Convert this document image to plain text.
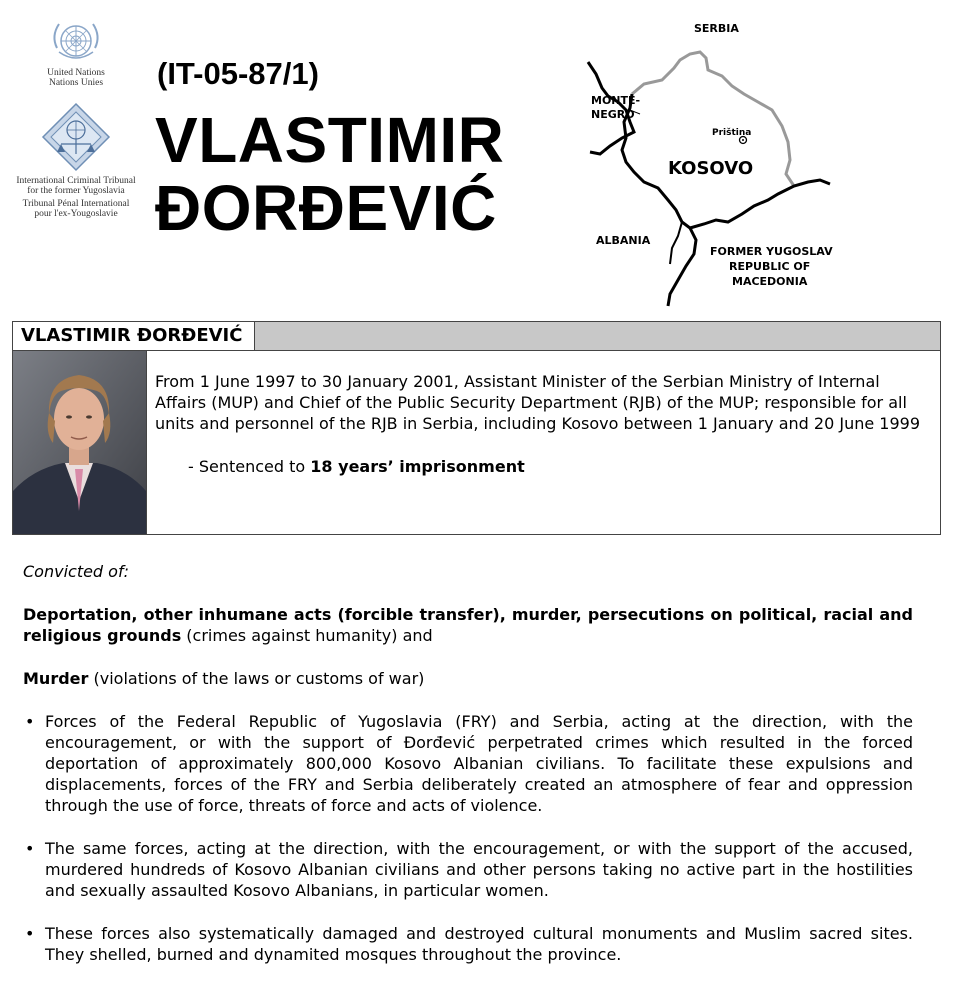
United Nations
Nations Unies
International Criminal Tribunal
for the former Yugoslavia
Tribunal Pénal International
pour l'ex-Yougoslavie
(IT-05-87/1)
VLASTIMIR
ĐORĐEVIĆ
SERBIA
MONTE-
NEGRO
Priština
KOSOVO
ALBANIA
FORMER YUGOSLAV
REPUBLIC OF
MACEDONIA
VLASTIMIR ĐORĐEVIĆ
From 1 June 1997 to 30 January 2001, Assistant Minister of the Serbian Ministry of Internal Affairs (MUP) and Chief of the Public Security Department (RJB) of the MUP; responsible for all units and personnel of the RJB in Serbia, including Kosovo between 1 January and 20 June 1999
- Sentenced to 18 years’ imprisonment

Convicted of:

Deportation, other inhumane acts (forcible transfer), murder, persecutions on political, racial and religious grounds (crimes against humanity) and

Murder (violations of the laws or customs of war)

• Forces of the Federal Republic of Yugoslavia (FRY) and Serbia, acting at the direction, with the encouragement, or with the support of Đorđević perpetrated crimes which resulted in the forced deportation of approximately 800,000 Kosovo Albanian civilians. To facilitate these expulsions and displacements, forces of the FRY and Serbia deliberately created an atmosphere of fear and oppression through the use of force, threats of force and acts of violence.
• The same forces, acting at the direction, with the encouragement, or with the support of the accused, murdered hundreds of Kosovo Albanian civilians and other persons taking no active part in the hostilities and sexually assaulted Kosovo Albanians, in particular women.
• These forces also systematically damaged and destroyed cultural monuments and Muslim sacred sites. They shelled, burned and dynamited mosques throughout the province.
